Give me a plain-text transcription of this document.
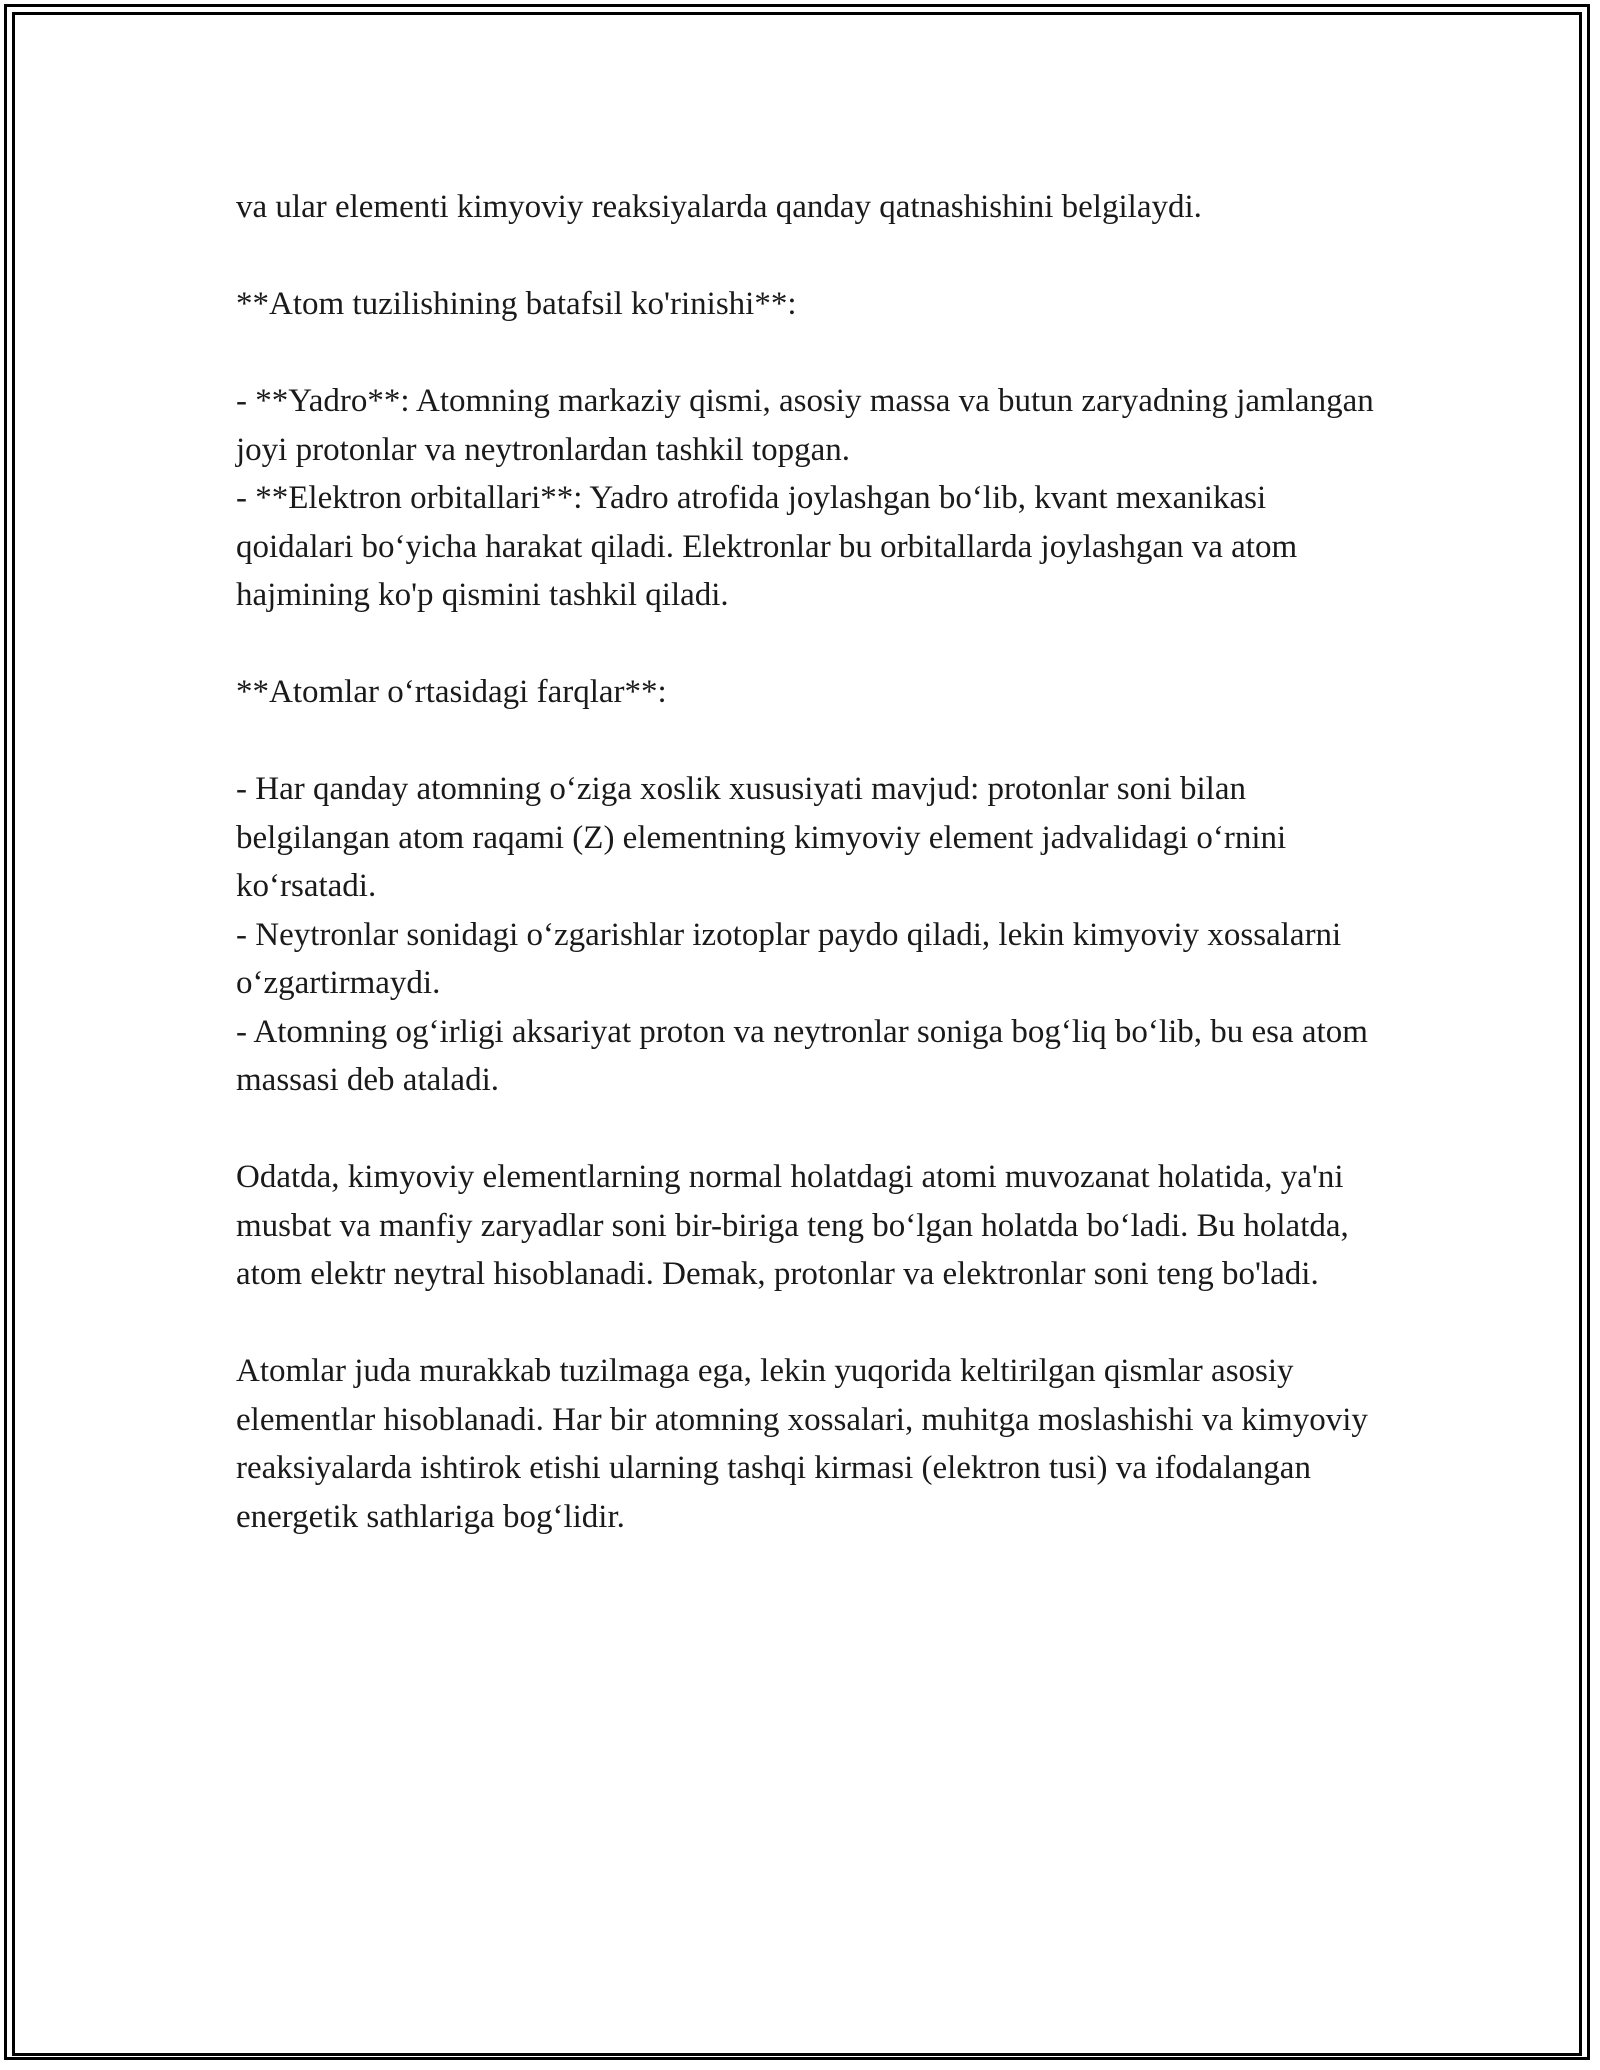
va ular elementi kimyoviy reaksiyalarda qanday qatnashishini belgilaydi.

**Atom tuzilishining batafsil ko'rinishi**:

- **Yadro**: Atomning markaziy qismi, asosiy massa va butun zaryadning jamlangan joyi protonlar va neytronlardan tashkil topgan.
- **Elektron orbitallari**: Yadro atrofida joylashgan bo‘lib, kvant mexanikasi qoidalari bo‘yicha harakat qiladi. Elektronlar bu orbitallarda joylashgan va atom hajmining ko'p qismini tashkil qiladi.

**Atomlar o‘rtasidagi farqlar**:

- Har qanday atomning o‘ziga xoslik xususiyati mavjud: protonlar soni bilan belgilangan atom raqami (Z) elementning kimyoviy element jadvalidagi o‘rnini ko‘rsatadi.
- Neytronlar sonidagi o‘zgarishlar izotoplar paydo qiladi, lekin kimyoviy xossalarni o‘zgartirmaydi.
- Atomning og‘irligi aksariyat proton va neytronlar soniga bog‘liq bo‘lib, bu esa atom massasi deb ataladi.

Odatda, kimyoviy elementlarning normal holatdagi atomi muvozanat holatida, ya'ni musbat va manfiy zaryadlar soni bir-biriga teng bo‘lgan holatda bo‘ladi. Bu holatda, atom elektr neytral hisoblanadi. Demak, protonlar va elektronlar soni teng bo'ladi.

Atomlar juda murakkab tuzilmaga ega, lekin yuqorida keltirilgan qismlar asosiy elementlar hisoblanadi. Har bir atomning xossalari, muhitga moslashishi va kimyoviy reaksiyalarda ishtirok etishi ularning tashqi kirmasi (elektron tusi) va ifodalangan energetik sathlariga bog‘lidir.
